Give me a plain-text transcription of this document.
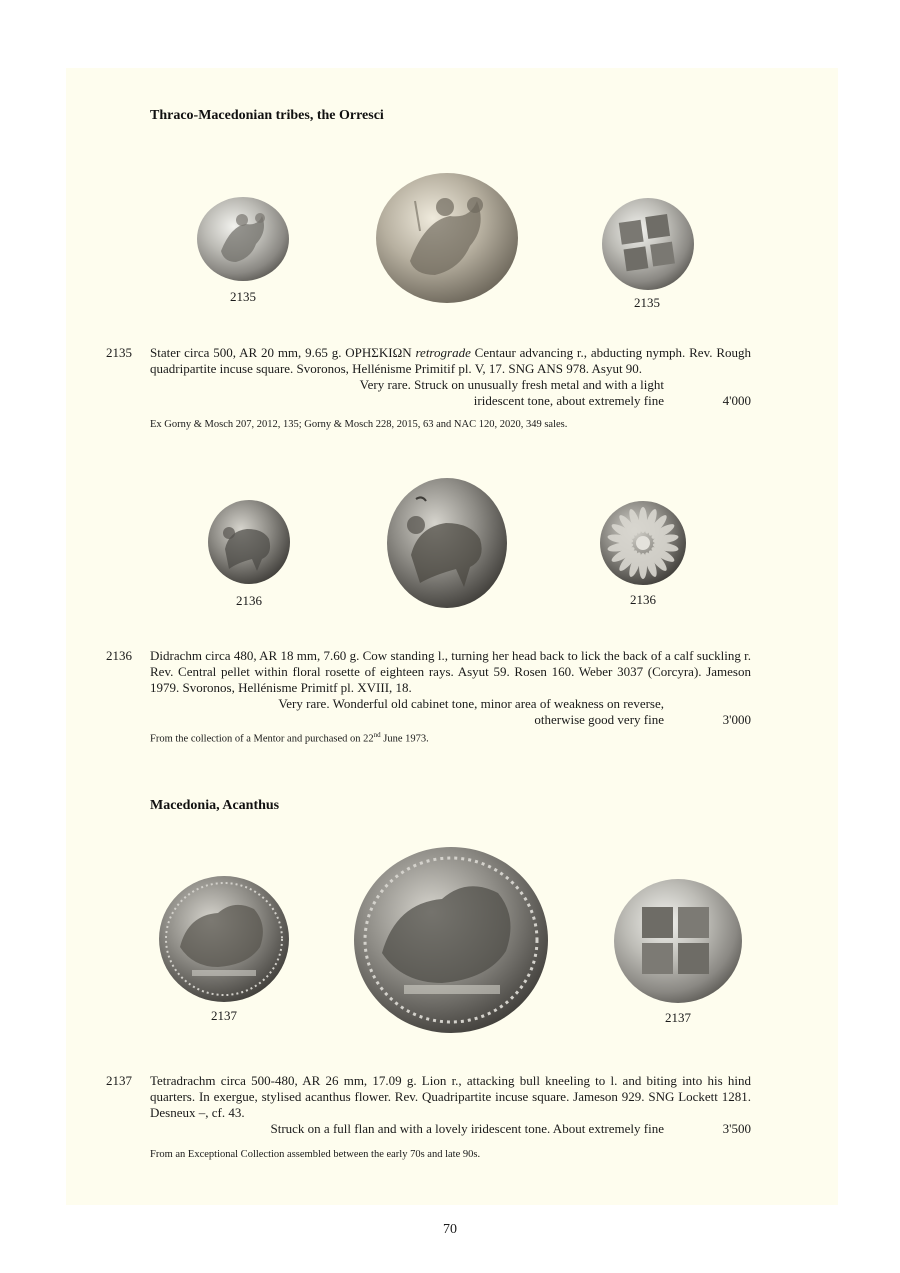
Thraco-Macedonian tribes, the Orresci
2135	2135
2135 Stater circa 500, AR 20 mm, 9.65 g. ΟΡΗΣΚΙΩΝ retrograde Centaur advancing r., abducting nymph. Rev. Rough quadripartite incuse square. Svoronos, Hellénisme Primitif pl. V, 17. SNG ANS 978. Asyut 90.
Very rare. Struck on unusually fresh metal and with a light
iridescent tone, about extremely fine	4'000
Ex Gorny & Mosch 207, 2012, 135; Gorny & Mosch 228, 2015, 63 and NAC 120, 2020, 349 sales.
2136	2136
2136 Didrachm circa 480, AR 18 mm, 7.60 g. Cow standing l., turning her head back to lick the back of a calf suckling r. Rev. Central pellet within floral rosette of eighteen rays. Asyut 59. Rosen 160. Weber 3037 (Corcyra). Jameson 1979. Svoronos, Hellénisme Primitf pl. XVIII, 18.
Very rare. Wonderful old cabinet tone, minor area of weakness on reverse,
otherwise good very fine	3'000
From the collection of a Mentor and purchased on 22nd June 1973.
Macedonia, Acanthus
2137	2137
2137 Tetradrachm circa 500-480, AR 26 mm, 17.09 g. Lion r., attacking bull kneeling to l. and biting into his hind quarters. In exergue, stylised acanthus flower. Rev. Quadripartite incuse square. Jameson 929. SNG Lockett 1281. Desneux –, cf. 43.
Struck on a full flan and with a lovely iridescent tone. About extremely fine	3'500
From an Exceptional Collection assembled between the early 70s and late 90s.
70
